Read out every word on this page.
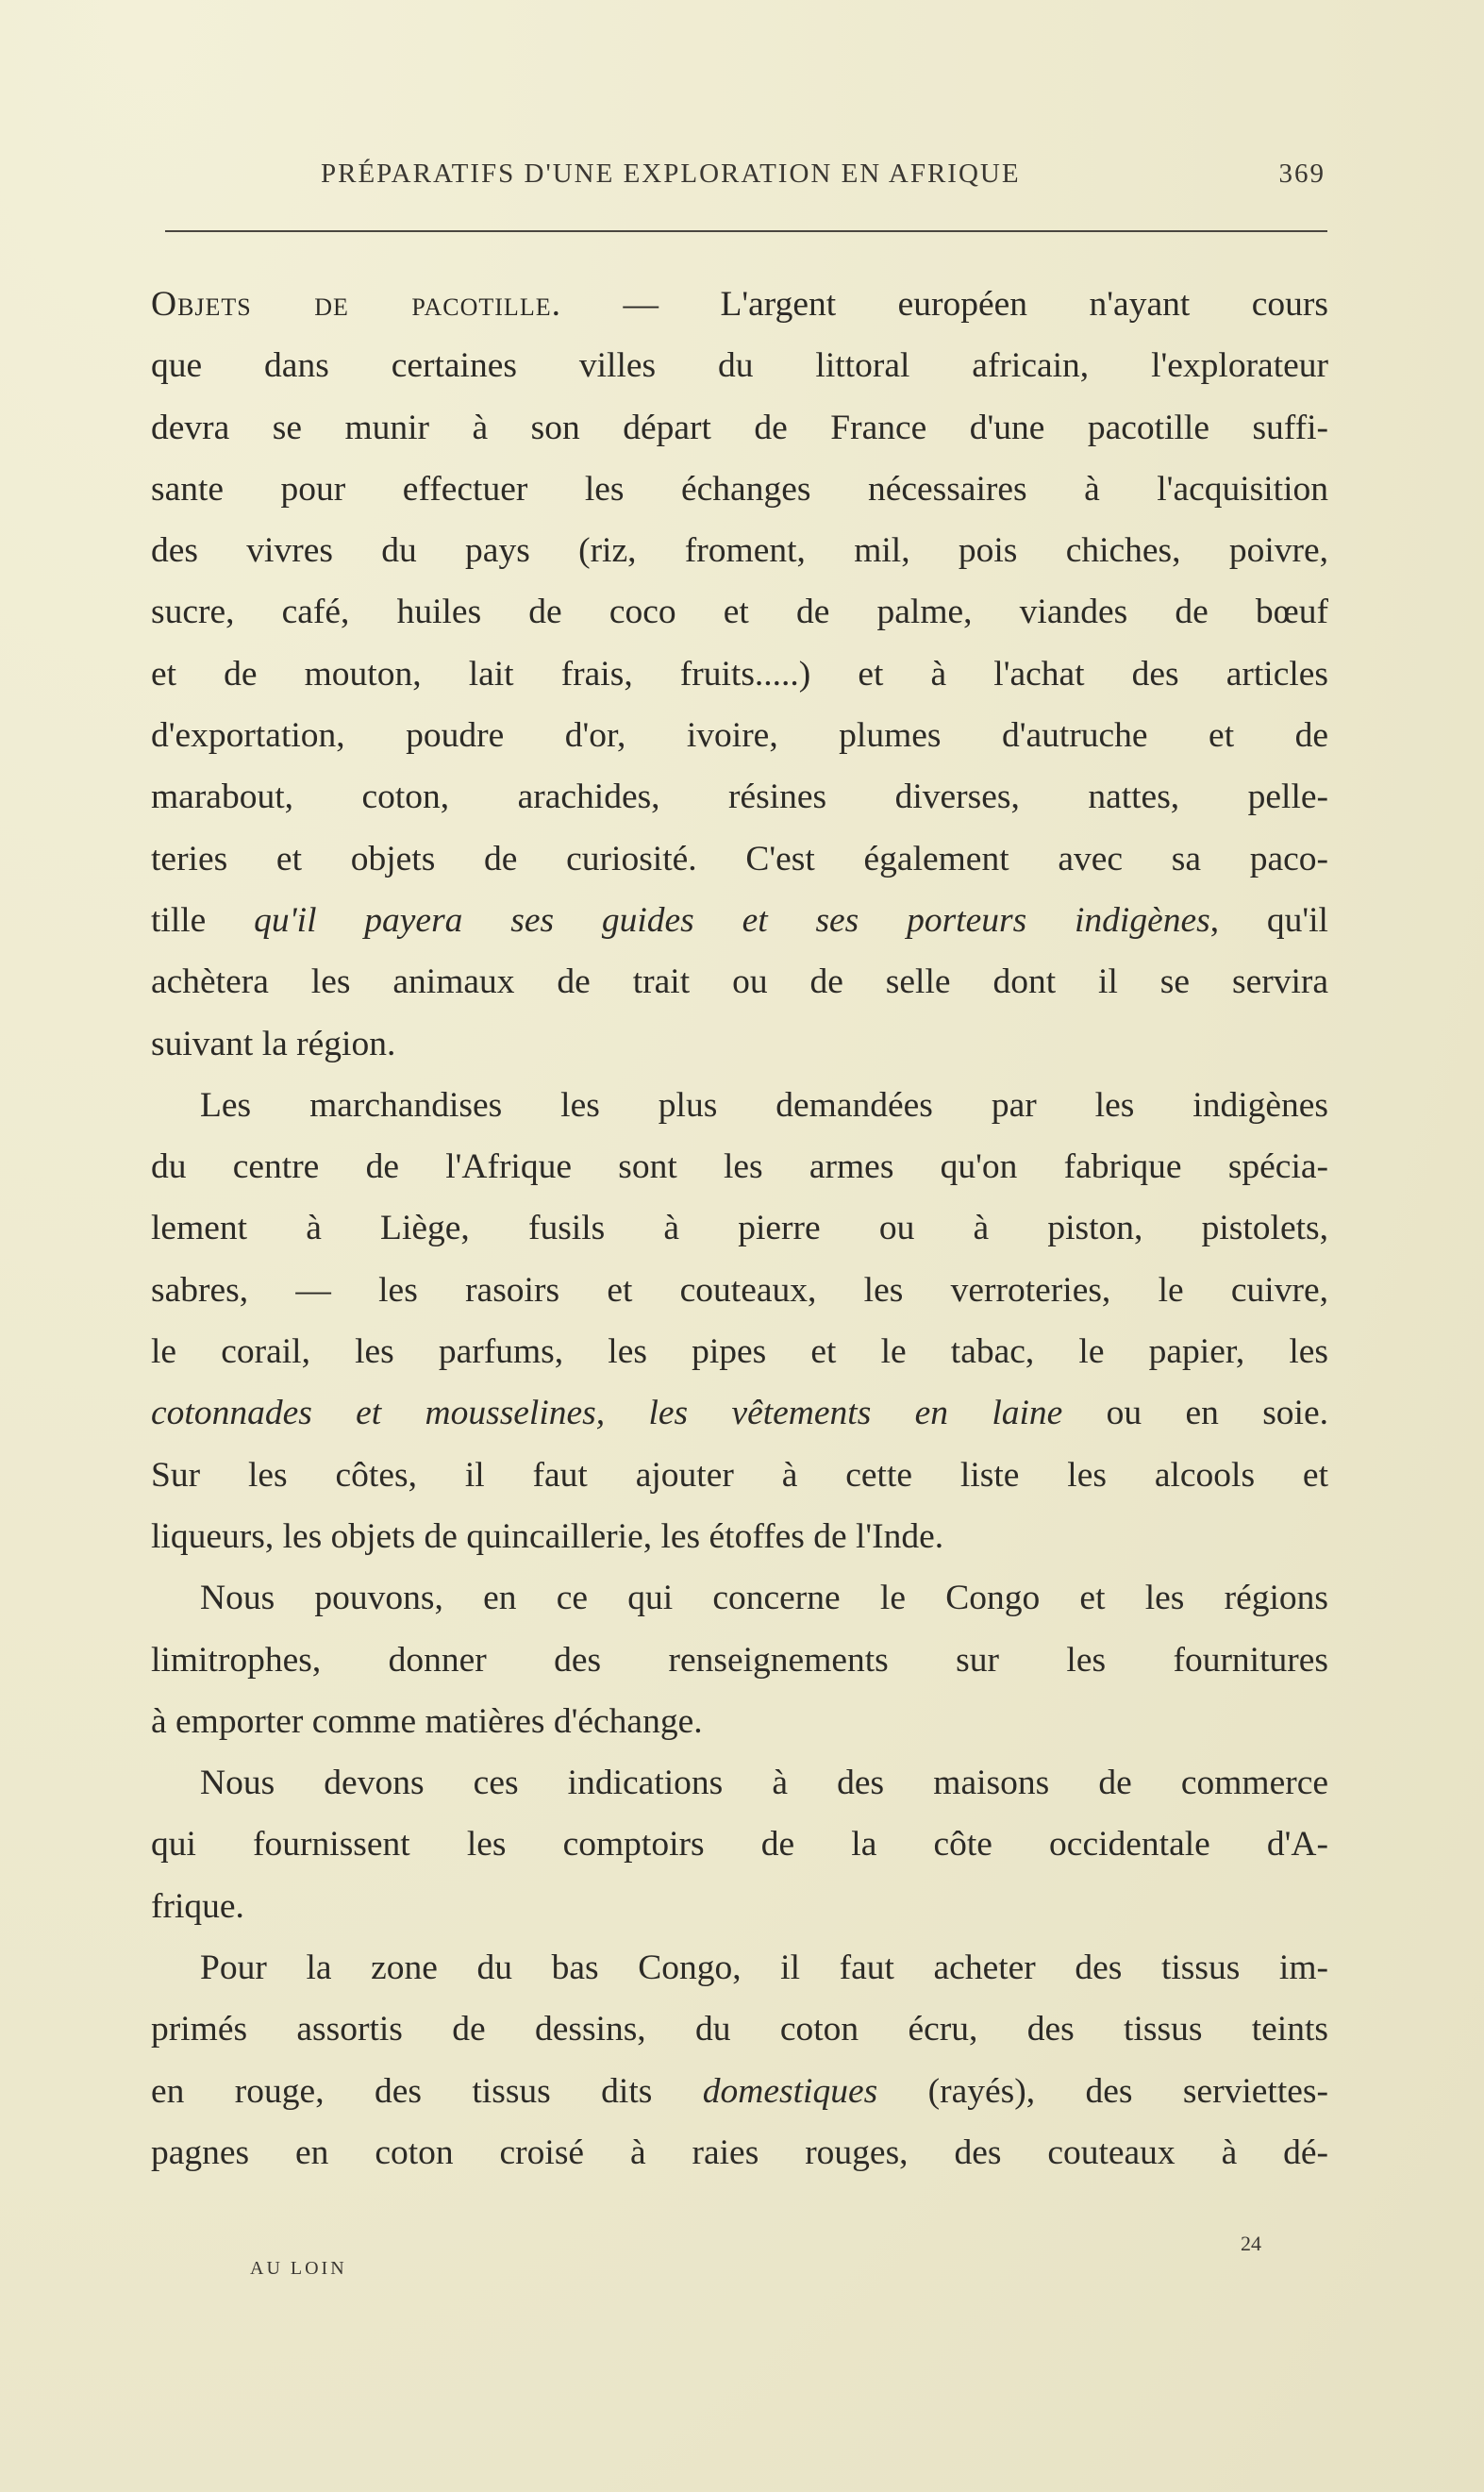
PRÉPARATIFS D'UNE EXPLORATION EN AFRIQUE	369
Objets de pacotille. — L'argent européen n'ayant cours
que dans certaines villes du littoral africain, l'explorateur
devra se munir à son départ de France d'une pacotille suffi-
sante pour effectuer les échanges nécessaires à l'acquisition
des vivres du pays (riz, froment, mil, pois chiches, poivre,
sucre, café, huiles de coco et de palme, viandes de bœuf
et de mouton, lait frais, fruits.....) et à l'achat des articles
d'exportation, poudre d'or, ivoire, plumes d'autruche et de
marabout, coton, arachides, résines diverses, nattes, pelle-
teries et objets de curiosité. C'est également avec sa paco-
tille qu'il payera ses guides et ses porteurs indigènes, qu'il
achètera les animaux de trait ou de selle dont il se servira
suivant la région.
Les marchandises les plus demandées par les indigènes
du centre de l'Afrique sont les armes qu'on fabrique spécia-
lement à Liège, fusils à pierre ou à piston, pistolets,
sabres, — les rasoirs et couteaux, les verroteries, le cuivre,
le corail, les parfums, les pipes et le tabac, le papier, les
cotonnades et mousselines, les vêtements en laine ou en soie.
Sur les côtes, il faut ajouter à cette liste les alcools et
liqueurs, les objets de quincaillerie, les étoffes de l'Inde.
Nous pouvons, en ce qui concerne le Congo et les régions
limitrophes, donner des renseignements sur les fournitures
à emporter comme matières d'échange.
Nous devons ces indications à des maisons de commerce
qui fournissent les comptoirs de la côte occidentale d'A-
frique.
Pour la zone du bas Congo, il faut acheter des tissus im-
primés assortis de dessins, du coton écru, des tissus teints
en rouge, des tissus dits domestiques (rayés), des serviettes-
pagnes en coton croisé à raies rouges, des couteaux à dé-
AU LOIN
24
